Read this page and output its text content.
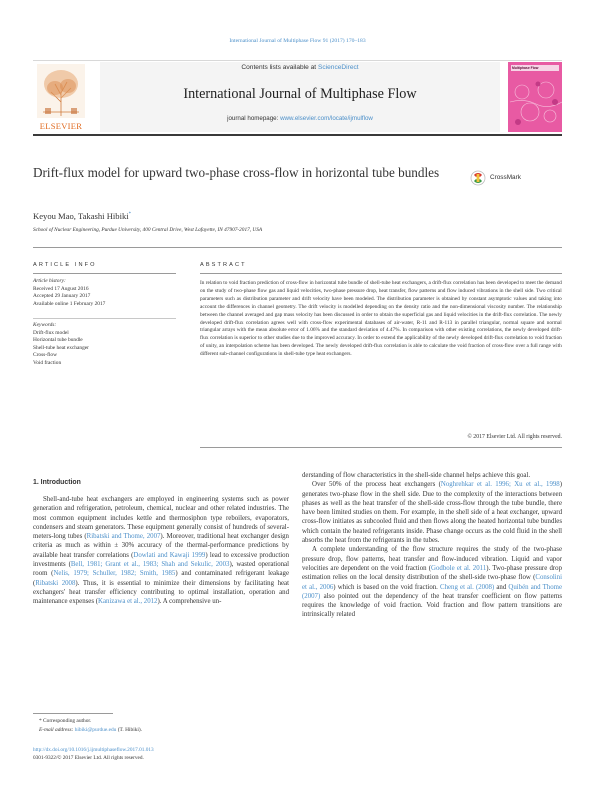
International Journal of Multiphase Flow 91 (2017) 170–183
ELSEVIER
Contents lists available at ScienceDirect
International Journal of Multiphase Flow
journal homepage: www.elsevier.com/locate/ijmulflow
Multiphase Flow
Drift-flux model for upward two-phase cross-flow in horizontal tube bundles	CrossMark
Keyou Mao, Takashi Hibiki*
School of Nuclear Engineering, Purdue University, 400 Central Drive, West Lafayette, IN 47907-2017, USA
ARTICLE INFO
Article history:
Received 17 August 2016
Accepted 29 January 2017
Available online 1 February 2017
Keywords:
Drift-flux model
Horizontal tube bundle
Shell-tube heat exchanger
Cross-flow
Void fraction
ABSTRACT
In relation to void fraction prediction of cross-flow in horizontal tube bundle of shell-tube heat exchangers, a drift-flux correlation has been developed to meet the demand on the study of two-phase flow gas and liquid velocities, two-phase pressure drop, heat transfer, flow patterns and flow induced vibrations in the shell side. Two critical parameters such as distribution parameter and drift velocity have been modeled. The distribution parameter is obtained by constant asymptotic values and taking into account the differences in channel geometry. The drift velocity is modelled depending on the density ratio and the non-dimensional viscosity number. The relationship between the channel averaged and gap mass velocity has been discussed in order to obtain the superficial gas and liquid velocities in the drift-flux correlation. The newly developed drift-flux correlation agrees well with cross-flow experimental databases of air-water, R-11 and R-113 in parallel triangular, normal square and normal triangular arrays with the mean absolute error of 1.06% and the standard deviation of 4.47%. In comparison with other existing correlations, the newly developed drift-flux correlation is superior to other studies due to the improved accuracy. In order to extend the applicability of the newly developed drift-flux correlation to void fraction of unity, an interpolation scheme has been developed. The newly developed drift-flux correlation is able to calculate the void fraction of cross-flow over a full range with different sub-channel configurations in shell-tube type heat exchangers.
© 2017 Elsevier Ltd. All rights reserved.
1. Introduction
Shell-and-tube heat exchangers are employed in engineering systems such as power generation and refrigeration, petroleum, chemical, nuclear and other related industries. The most common equipment includes kettle and thermosiphon type reboilers, evaporators, condensers and steam generators. These equipment generally consist of hundreds of several-meters-long tubes (Ribatski and Thome, 2007). Moreover, traditional heat exchanger design criteria as much as within ± 30% accuracy of the thermal-performance predictions by available heat transfer correlations (Dowlati and Kawaji 1999) lead to excessive production investments (Bell, 1981; Grant et al., 1983; Shah and Sekulic, 2003), wasted operational room (Nelis, 1979; Schuller, 1982; Smith, 1985) and contaminated refrigerant leakage (Ribatski 2008). Thus, it is essential to minimize their dimensions by facilitating heat exchangers' heat transfer efficiency contributing to optimal installation, operation and maintenance expenses (Kanizawa et al., 2012). A comprehensive un-
derstanding of flow characteristics in the shell-side channel helps achieve this goal.
Over 50% of the process heat exchangers (Noghrehkar et al. 1996; Xu et al., 1998) generates two-phase flow in the shell side. Due to the complexity of the interactions between phases as well as the heat transfer of the shell-side cross-flow through the tube bundle, there have been limited studies on them. For example, in the shell side of a heat exchanger, upward cross-flow initiates as subcooled fluid and then flows along the heated horizontal tube bundles which contain the heated refrigerants inside. Phase change occurs as the cold fluid in the shell absorbs the heat from the refrigerants in the tubes.
A complete understanding of the flow structure requires the study of the two-phase pressure drop, flow patterns, heat transfer and flow-induced vibration. Liquid and vapor velocities are dependent on the void fraction (Godbole et al. 2011). Two-phase pressure drop estimation relies on the local density distribution of the shell-side two-phase flow (Consolini et al., 2006) which is based on the void fraction. Cheng et al. (2008) and Quibén and Thome (2007) also pointed out the dependency of the heat transfer coefficient on flow patterns requires the knowledge of void fraction. Void fraction and flow pattern transitions are intrinsically related
* Corresponding author.
E-mail address: hibiki@purdue.edu (T. Hibiki).
http://dx.doi.org/10.1016/j.ijmultiphaseflow.2017.01.013
0301-9322/© 2017 Elsevier Ltd. All rights reserved.
